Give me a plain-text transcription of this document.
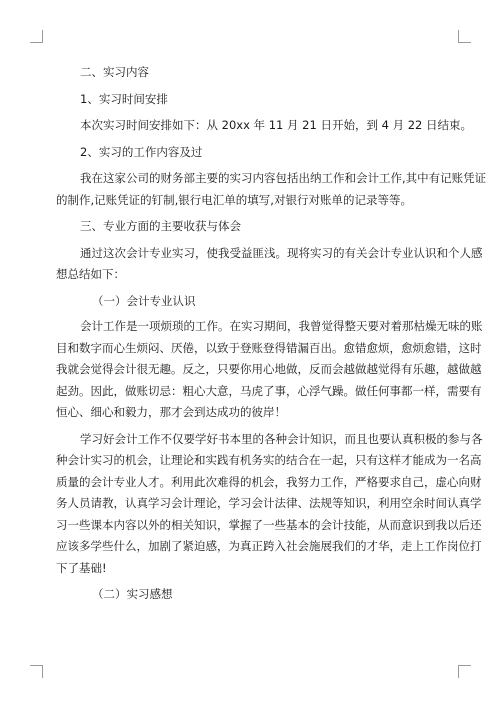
二、实习内容
1、实习时间安排
本次实习时间安排如下：从 20xx 年 11 月 21 日开始，到 4 月 22 日结束。
2、实习的工作内容及过
我在这家公司的财务部主要的实习内容包括出纳工作和会计工作,其中有记账凭证
的制作,记账凭证的钉制,银行电汇单的填写,对银行对账单的记录等等。
三、专业方面的主要收获与体会
通过这次会计专业实习，使我受益匪浅。现将实习的有关会计专业认识和个人感
想总结如下：
（一）会计专业认识
会计工作是一项烦琐的工作。在实习期间，我曾觉得整天要对着那枯燥无味的账
目和数字而心生烦闷、厌倦，以致于登账登得错漏百出。愈错愈烦，愈烦愈错，这时
我就会觉得会计很无趣。反之，只要你用心地做，反而会越做越觉得有乐趣，越做越
起劲。因此，做账切忌：粗心大意，马虎了事，心浮气躁。做任何事都一样，需要有
恒心、细心和毅力，那才会到达成功的彼岸！
学习好会计工作不仅要学好书本里的各种会计知识，而且也要认真积极的参与各
种会计实习的机会，让理论和实践有机务实的结合在一起，只有这样才能成为一名高
质量的会计专业人才。利用此次难得的机会，我努力工作，严格要求自己，虚心向财
务人员请教，认真学习会计理论，学习会计法律、法规等知识，利用空余时间认真学
习一些课本内容以外的相关知识，掌握了一些基本的会计技能，从而意识到我以后还
应该多学些什么，加剧了紧迫感，为真正跨入社会施展我们的才华，走上工作岗位打
下了基础!
（二）实习感想
